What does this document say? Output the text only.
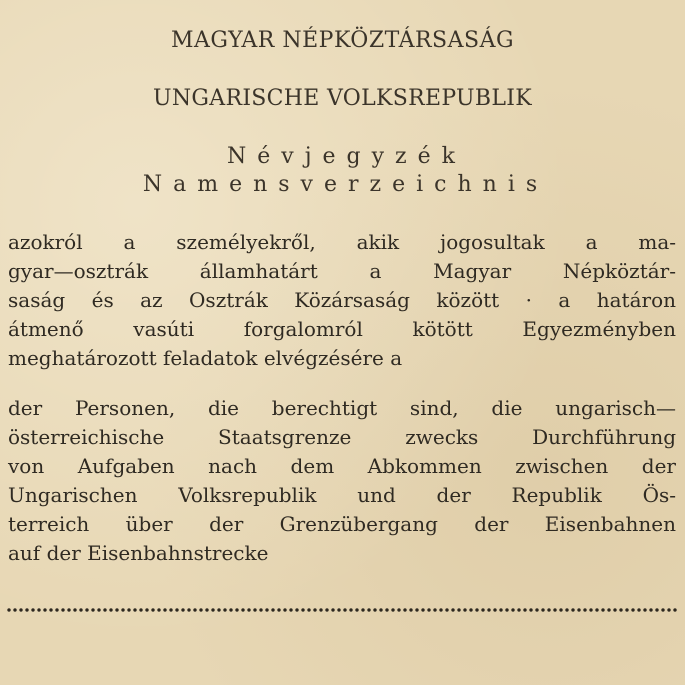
MAGYAR NÉPKÖZTÁRSASÁG
UNGARISCHE VOLKSREPUBLIK
Névjegyzék
Namensverzeichnis
azokról a személyekről, akik jogosultak a ma-
gyar—osztrák államhatárt a Magyar Népköztár-
saság és az Osztrák Közársaság között · a határon
átmenő vasúti forgalomról kötött Egyezményben
meghatározott feladatok elvégzésére a
der Personen, die berechtigt sind, die ungarisch—
österreichische Staatsgrenze zwecks Durchführung
von Aufgaben nach dem Abkommen zwischen der
Ungarischen Volksrepublik und der Republik Ös-
terreich über der Grenzübergang der Eisenbahnen
auf der Eisenbahnstrecke
